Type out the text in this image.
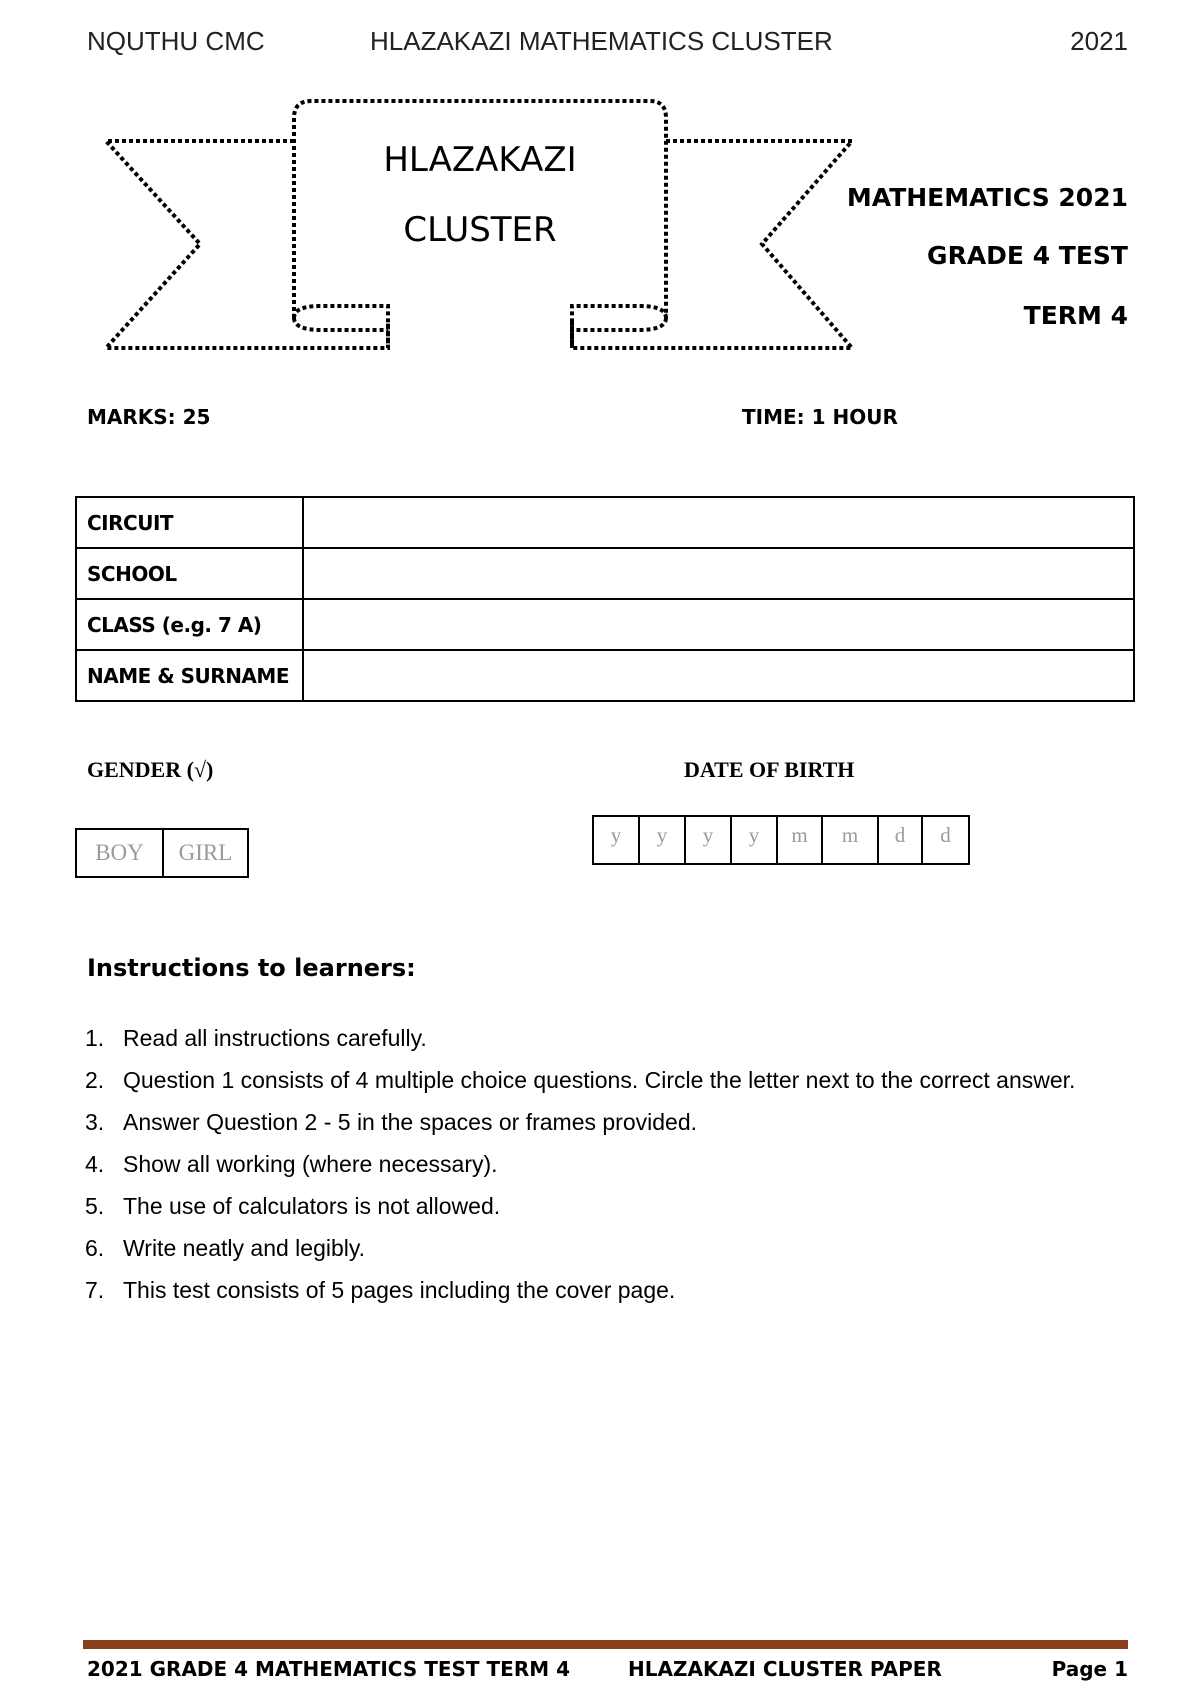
NQUTHU CMC	HLAZAKAZI MATHEMATICS CLUSTER	2021
HLAZAKAZI
CLUSTER
MATHEMATICS 2021
GRADE 4 TEST
TERM 4
MARKS: 25	TIME: 1 HOUR
CIRCUIT	
SCHOOL	
CLASS (e.g. 7 A)	
NAME & SURNAME	
GENDER (√)
BOY	GIRL
DATE OF BIRTH
y	y	y	y	m	m	d	d
Instructions to learners:
1. Read all instructions carefully.
2. Question 1 consists of 4 multiple choice questions. Circle the letter next to the correct answer.
3. Answer Question 2 - 5 in the spaces or frames provided.
4. Show all working (where necessary).
5. The use of calculators is not allowed.
6. Write neatly and legibly.
7. This test consists of 5 pages including the cover page.
2021 GRADE 4 MATHEMATICS TEST TERM 4	HLAZAKAZI CLUSTER PAPER	Page 1
